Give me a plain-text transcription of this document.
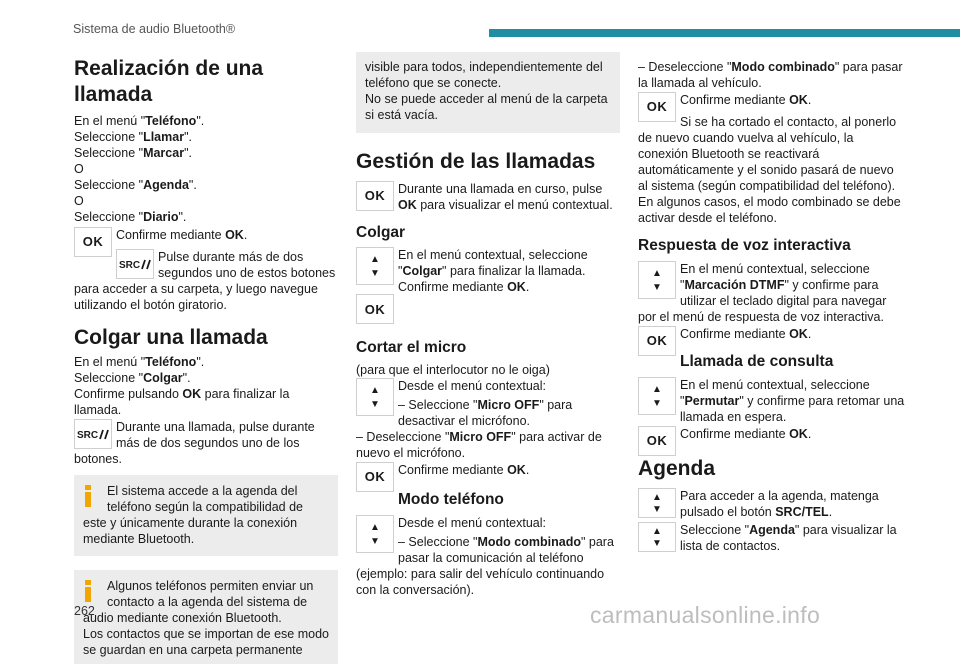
Sistema de audio Bluetooth®
Realización de una llamada
En el menú "Teléfono".
Seleccione "Llamar".
Seleccione "Marcar".
O
Seleccione "Agenda".
O
Seleccione "Diario".
OK	Confirme mediante OK.
SRC
Pulse durante más de dos segundos uno de estos botones para acceder a su carpeta, y luego navegue utilizando el botón giratorio.
Colgar una llamada
En el menú "Teléfono".
Seleccione "Colgar".
Confirme pulsando OK para finalizar la llamada.
SRC
Durante una llamada, pulse durante más de dos segundos uno de los botones.
El sistema accede a la agenda del teléfono según la compatibilidad de este y únicamente durante la conexión mediante Bluetooth.
Algunos teléfonos permiten enviar un contacto a la agenda del sistema de audio mediante conexión Bluetooth.
Los contactos que se importan de ese modo se guardan en una carpeta permanente
visible para todos, independientemente del teléfono que se conecte.
No se puede acceder al menú de la carpeta si está vacía.
Gestión de las llamadas
OK	Durante una llamada en curso, pulse OK para visualizar el menú contextual.
Colgar
▲
▼
En el menú contextual, seleccione "Colgar" para finalizar la llamada.
Confirme mediante OK.
OK
Cortar el micro
(para que el interlocutor no le oiga)
▲
▼
Desde el menú contextual:
– Seleccione "Micro OFF" para desactivar el micrófono.
– Deseleccione "Micro OFF" para activar de nuevo el micrófono.
OK	Confirme mediante OK.
Modo teléfono
▲
▼
Desde el menú contextual:
– Seleccione "Modo combinado" para pasar la comunicación al teléfono (ejemplo: para salir del vehículo continuando con la conversación).
– Deseleccione "Modo combinado" para pasar la llamada al vehículo.
OK	Confirme mediante OK.
Si se ha cortado el contacto, al ponerlo de nuevo cuando vuelva al vehículo, la conexión Bluetooth se reactivará automáticamente y el sonido pasará de nuevo al sistema (según compatibilidad del teléfono).
En algunos casos, el modo combinado se debe activar desde el teléfono.
Respuesta de voz interactiva
▲
▼
En el menú contextual, seleccione "Marcación DTMF" y confirme para utilizar el teclado digital para navegar por el menú de respuesta de voz interactiva.
OK	Confirme mediante OK.
Llamada de consulta
▲
▼
En el menú contextual, seleccione "Permutar" y confirme para retomar una llamada en espera.
OK	Confirme mediante OK.
Agenda
▲
▼
Para acceder a la agenda, matenga pulsado el botón SRC/TEL.
▲
▼
Seleccione "Agenda" para visualizar la lista de contactos.
262	carmanualsonline.info
